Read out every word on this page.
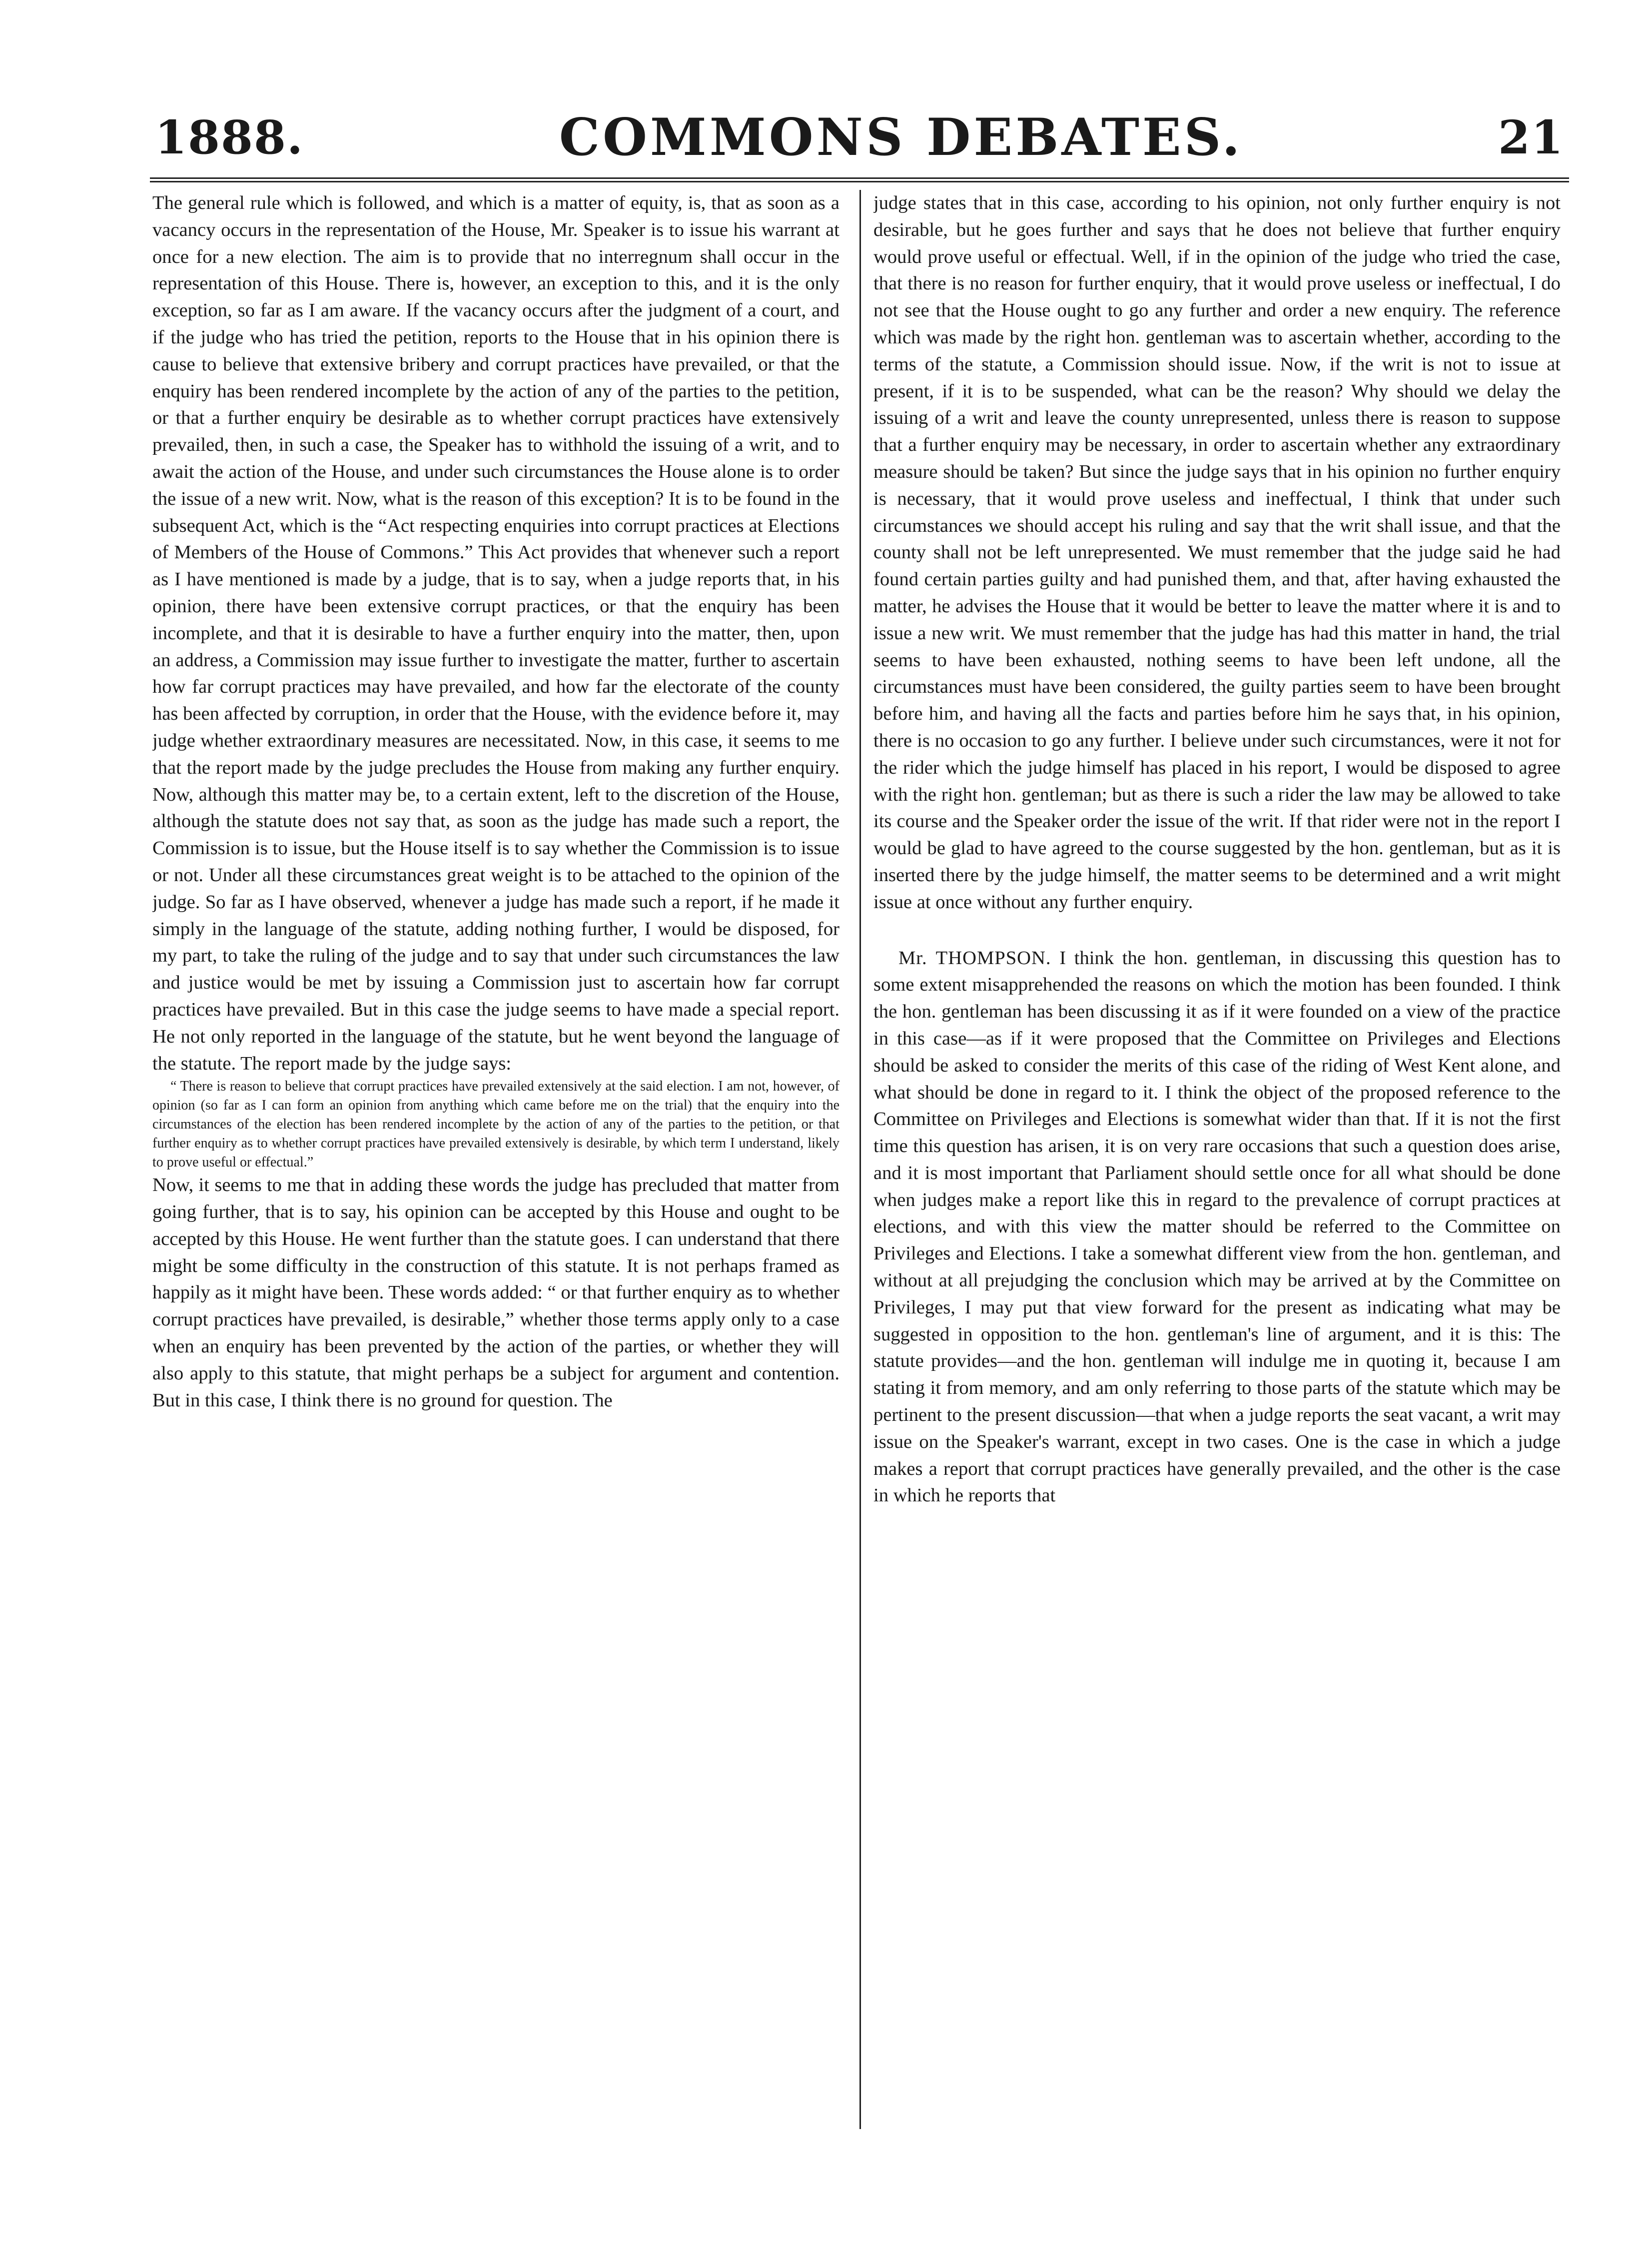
1888.	COMMONS DEBATES.	21

The general rule which is followed, and which is a matter of equity, is, that as soon as a vacancy occurs in the representation of the House, Mr. Speaker is to issue his warrant at once for a new election. The aim is to provide that no interregnum shall occur in the representation of this House. There is, however, an exception to this, and it is the only exception, so far as I am aware. If the vacancy occurs after the judgment of a court, and if the judge who has tried the petition, reports to the House that in his opinion there is cause to believe that extensive bribery and corrupt practices have prevailed, or that the enquiry has been rendered incomplete by the action of any of the parties to the petition, or that a further enquiry be desirable as to whether corrupt practices have extensively prevailed, then, in such a case, the Speaker has to withhold the issuing of a writ, and to await the action of the House, and under such circumstances the House alone is to order the issue of a new writ. Now, what is the reason of this exception? It is to be found in the subsequent Act, which is the “Act respecting enquiries into corrupt practices at Elections of Members of the House of Commons.” This Act provides that whenever such a report as I have mentioned is made by a judge, that is to say, when a judge reports that, in his opinion, there have been extensive corrupt practices, or that the enquiry has been incomplete, and that it is desirable to have a further enquiry into the matter, then, upon an address, a Commission may issue further to investigate the matter, further to ascertain how far corrupt practices may have prevailed, and how far the electorate of the county has been affected by corruption, in order that the House, with the evidence before it, may judge whether extraordinary measures are necessitated. Now, in this case, it seems to me that the report made by the judge precludes the House from making any further enquiry. Now, although this matter may be, to a certain extent, left to the discretion of the House, although the statute does not say that, as soon as the judge has made such a report, the Commission is to issue, but the House itself is to say whether the Commission is to issue or not. Under all these circumstances great weight is to be attached to the opinion of the judge. So far as I have observed, whenever a judge has made such a report, if he made it simply in the language of the statute, adding nothing further, I would be disposed, for my part, to take the ruling of the judge and to say that under such circumstances the law and justice would be met by issuing a Commission just to ascertain how far corrupt practices have prevailed. But in this case the judge seems to have made a special report. He not only reported in the language of the statute, but he went beyond the language of the statute. The report made by the judge says:

“ There is reason to believe that corrupt practices have prevailed extensively at the said election. I am not, however, of opinion (so far as I can form an opinion from anything which came before me on the trial) that the enquiry into the circumstances of the election has been rendered incomplete by the action of any of the parties to the petition, or that further enquiry as to whether corrupt practices have prevailed extensively is desirable, by which term I understand, likely to prove useful or effectual.”

Now, it seems to me that in adding these words the judge has precluded that matter from going further, that is to say, his opinion can be accepted by this House and ought to be accepted by this House. He went further than the statute goes. I can understand that there might be some difficulty in the construction of this statute. It is not perhaps framed as happily as it might have been. These words added: “ or that further enquiry as to whether corrupt practices have prevailed, is desirable,” whether those terms apply only to a case when an enquiry has been prevented by the action of the parties, or whether they will also apply to this statute, that might perhaps be a subject for argument and contention. But in this case, I think there is no ground for question. The

judge states that in this case, according to his opinion, not only further enquiry is not desirable, but he goes further and says that he does not believe that further enquiry would prove useful or effectual. Well, if in the opinion of the judge who tried the case, that there is no reason for further enquiry, that it would prove useless or ineffectual, I do not see that the House ought to go any further and order a new enquiry. The reference which was made by the right hon. gentleman was to ascertain whether, according to the terms of the statute, a Commission should issue. Now, if the writ is not to issue at present, if it is to be suspended, what can be the reason? Why should we delay the issuing of a writ and leave the county unrepresented, unless there is reason to suppose that a further enquiry may be necessary, in order to ascertain whether any extraordinary measure should be taken? But since the judge says that in his opinion no further enquiry is necessary, that it would prove useless and ineffectual, I think that under such circumstances we should accept his ruling and say that the writ shall issue, and that the county shall not be left unrepresented. We must remember that the judge said he had found certain parties guilty and had punished them, and that, after having exhausted the matter, he advises the House that it would be better to leave the matter where it is and to issue a new writ. We must remember that the judge has had this matter in hand, the trial seems to have been exhausted, nothing seems to have been left undone, all the circumstances must have been considered, the guilty parties seem to have been brought before him, and having all the facts and parties before him he says that, in his opinion, there is no occasion to go any further. I believe under such circumstances, were it not for the rider which the judge himself has placed in his report, I would be disposed to agree with the right hon. gentleman; but as there is such a rider the law may be allowed to take its course and the Speaker order the issue of the writ. If that rider were not in the report I would be glad to have agreed to the course suggested by the hon. gentleman, but as it is inserted there by the judge himself, the matter seems to be determined and a writ might issue at once without any further enquiry.

Mr. THOMPSON. I think the hon. gentleman, in discussing this question has to some extent misapprehended the reasons on which the motion has been founded. I think the hon. gentleman has been discussing it as if it were founded on a view of the practice in this case—as if it were proposed that the Committee on Privileges and Elections should be asked to consider the merits of this case of the riding of West Kent alone, and what should be done in regard to it. I think the object of the proposed reference to the Committee on Privileges and Elections is somewhat wider than that. If it is not the first time this question has arisen, it is on very rare occasions that such a question does arise, and it is most important that Parliament should settle once for all what should be done when judges make a report like this in regard to the prevalence of corrupt practices at elections, and with this view the matter should be referred to the Committee on Privileges and Elections. I take a somewhat different view from the hon. gentleman, and without at all prejudging the conclusion which may be arrived at by the Committee on Privileges, I may put that view forward for the present as indicating what may be suggested in opposition to the hon. gentleman's line of argument, and it is this: The statute provides—and the hon. gentleman will indulge me in quoting it, because I am stating it from memory, and am only referring to those parts of the statute which may be pertinent to the present discussion—that when a judge reports the seat vacant, a writ may issue on the Speaker's warrant, except in two cases. One is the case in which a judge makes a report that corrupt practices have generally prevailed, and the other is the case in which he reports that
